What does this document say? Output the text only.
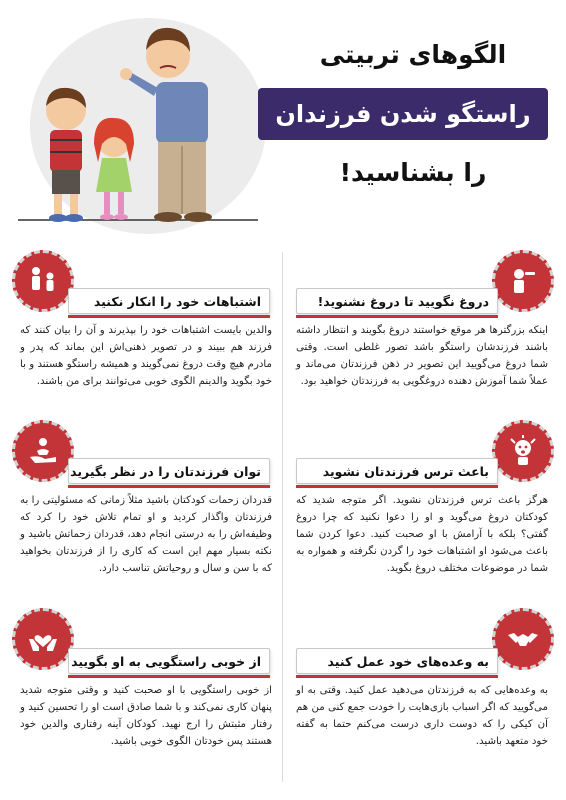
الگوهای تربیتی
راستگو شدن فرزندان
را بشناسید!
اشتباهات خود را انکار نکنید
والدین بایست اشتباهات خود را بپذیرند و آن را بیان کنند که فرزند هم ببیند و در تصویر ذهنی‌اش این بماند که پدر و مادرم هیچ وقت دروغ نمی‌گویند و همیشه راستگو هستند و با خود بگوید والدینم الگوی خوبی می‌توانند برای من باشند.
دروغ نگویید تا دروغ نشنوید!
اینکه بزرگترها هر موقع خواستند دروغ بگویند و انتظار داشته باشند فرزندشان راستگو باشد تصور غلطی است. وقتی شما دروغ می‌گویید این تصویر در ذهن فرزندتان می‌ماند و عملاً شما آموزش دهنده دروغگویی به فرزندتان خواهید بود.
توان فرزندتان را در نظر بگیرید
قدردان زحمات کودکتان باشید مثلاً زمانی که مسئولیتی را به فرزندتان واگذار کردید و او تمام تلاش خود را کرد که وظیفه‌اش را به درستی انجام دهد، قدردان زحماتش باشید و نکته بسیار مهم این است که کاری را از فرزندتان بخواهید که با سن و سال و روحیاتش تناسب دارد.
باعث ترس فرزندتان نشوید
هرگز باعث ترس فرزندتان نشوید. اگر متوجه شدید که کودکتان دروغ می‌گوید و او را دعوا نکنید که چرا دروغ گفتی؟ بلکه با آرامش با او صحبت کنید. دعوا کردن شما باعث می‌شود او اشتباهات خود را گردن نگرفته و همواره به شما در موضوعات مختلف دروغ بگوید.
از خوبی راستگویی به او بگویید
از خوبی راستگویی با او صحبت کنید و وقتی متوجه شدید پنهان کاری نمی‌کند و با شما صادق است او را تحسین کنید و رفتار مثبتش را ارج نهید. کودکان آینه رفتاری والدین خود هستند پس خودتان الگوی خوبی باشید.
به وعده‌های خود عمل کنید
به وعده‌هایی که به فرزندتان می‌دهید عمل کنید. وقتی به او می‌گویید که اگر اسباب بازی‌هایت را خودت جمع کنی من هم آن کیکی را که دوست داری درست می‌کنم حتما به گفته خود متعهد باشید.
